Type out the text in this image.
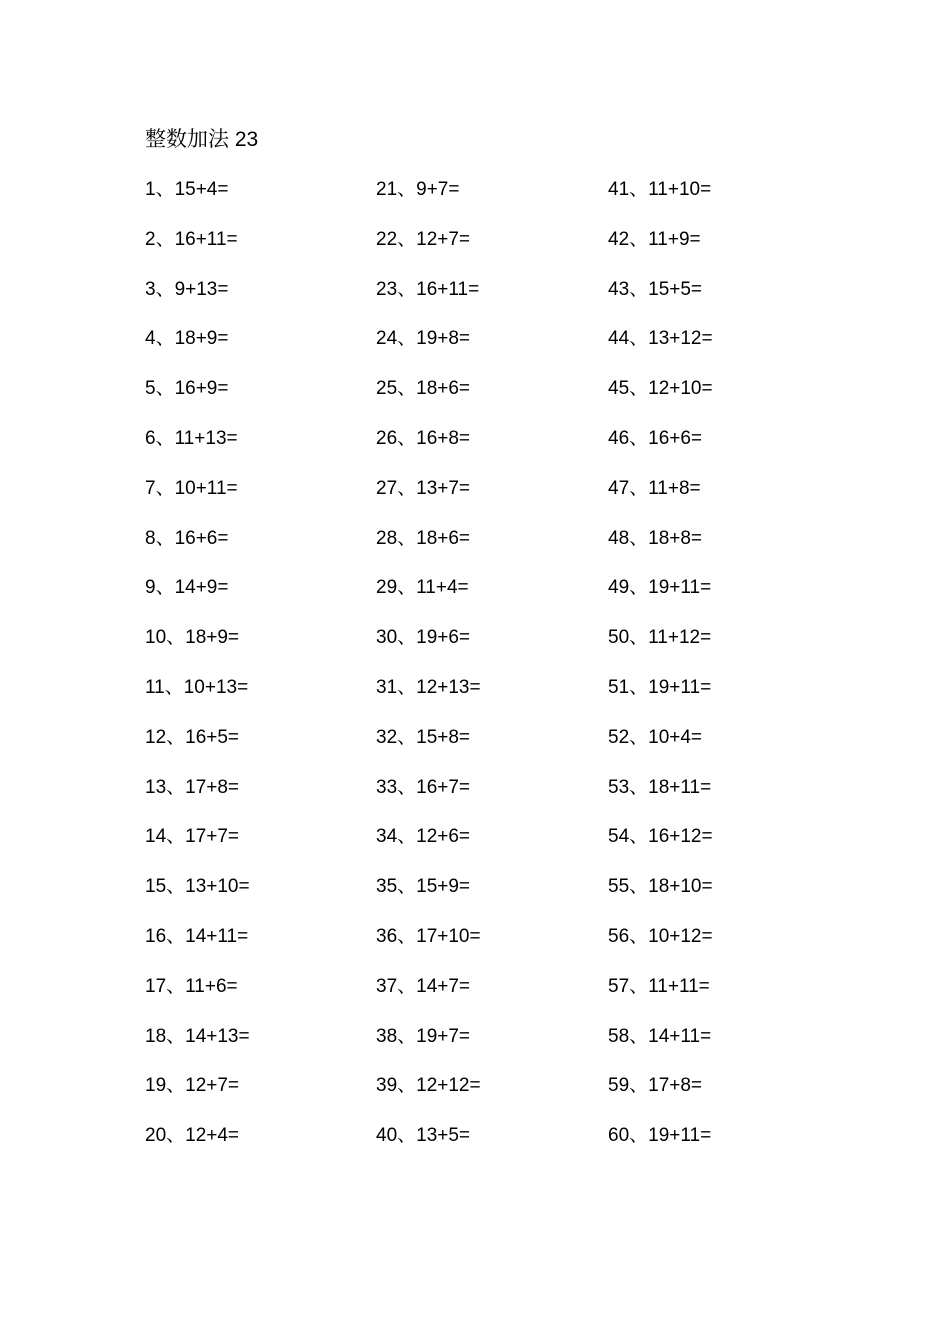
整数加法 23
1、15+4=
2、16+11=
3、9+13=
4、18+9=
5、16+9=
6、11+13=
7、10+11=
8、16+6=
9、14+9=
10、18+9=
11、10+13=
12、16+5=
13、17+8=
14、17+7=
15、13+10=
16、14+11=
17、11+6=
18、14+13=
19、12+7=
20、12+4=
21、9+7=
22、12+7=
23、16+11=
24、19+8=
25、18+6=
26、16+8=
27、13+7=
28、18+6=
29、11+4=
30、19+6=
31、12+13=
32、15+8=
33、16+7=
34、12+6=
35、15+9=
36、17+10=
37、14+7=
38、19+7=
39、12+12=
40、13+5=
41、11+10=
42、11+9=
43、15+5=
44、13+12=
45、12+10=
46、16+6=
47、11+8=
48、18+8=
49、19+11=
50、11+12=
51、19+11=
52、10+4=
53、18+11=
54、16+12=
55、18+10=
56、10+12=
57、11+11=
58、14+11=
59、17+8=
60、19+11=
